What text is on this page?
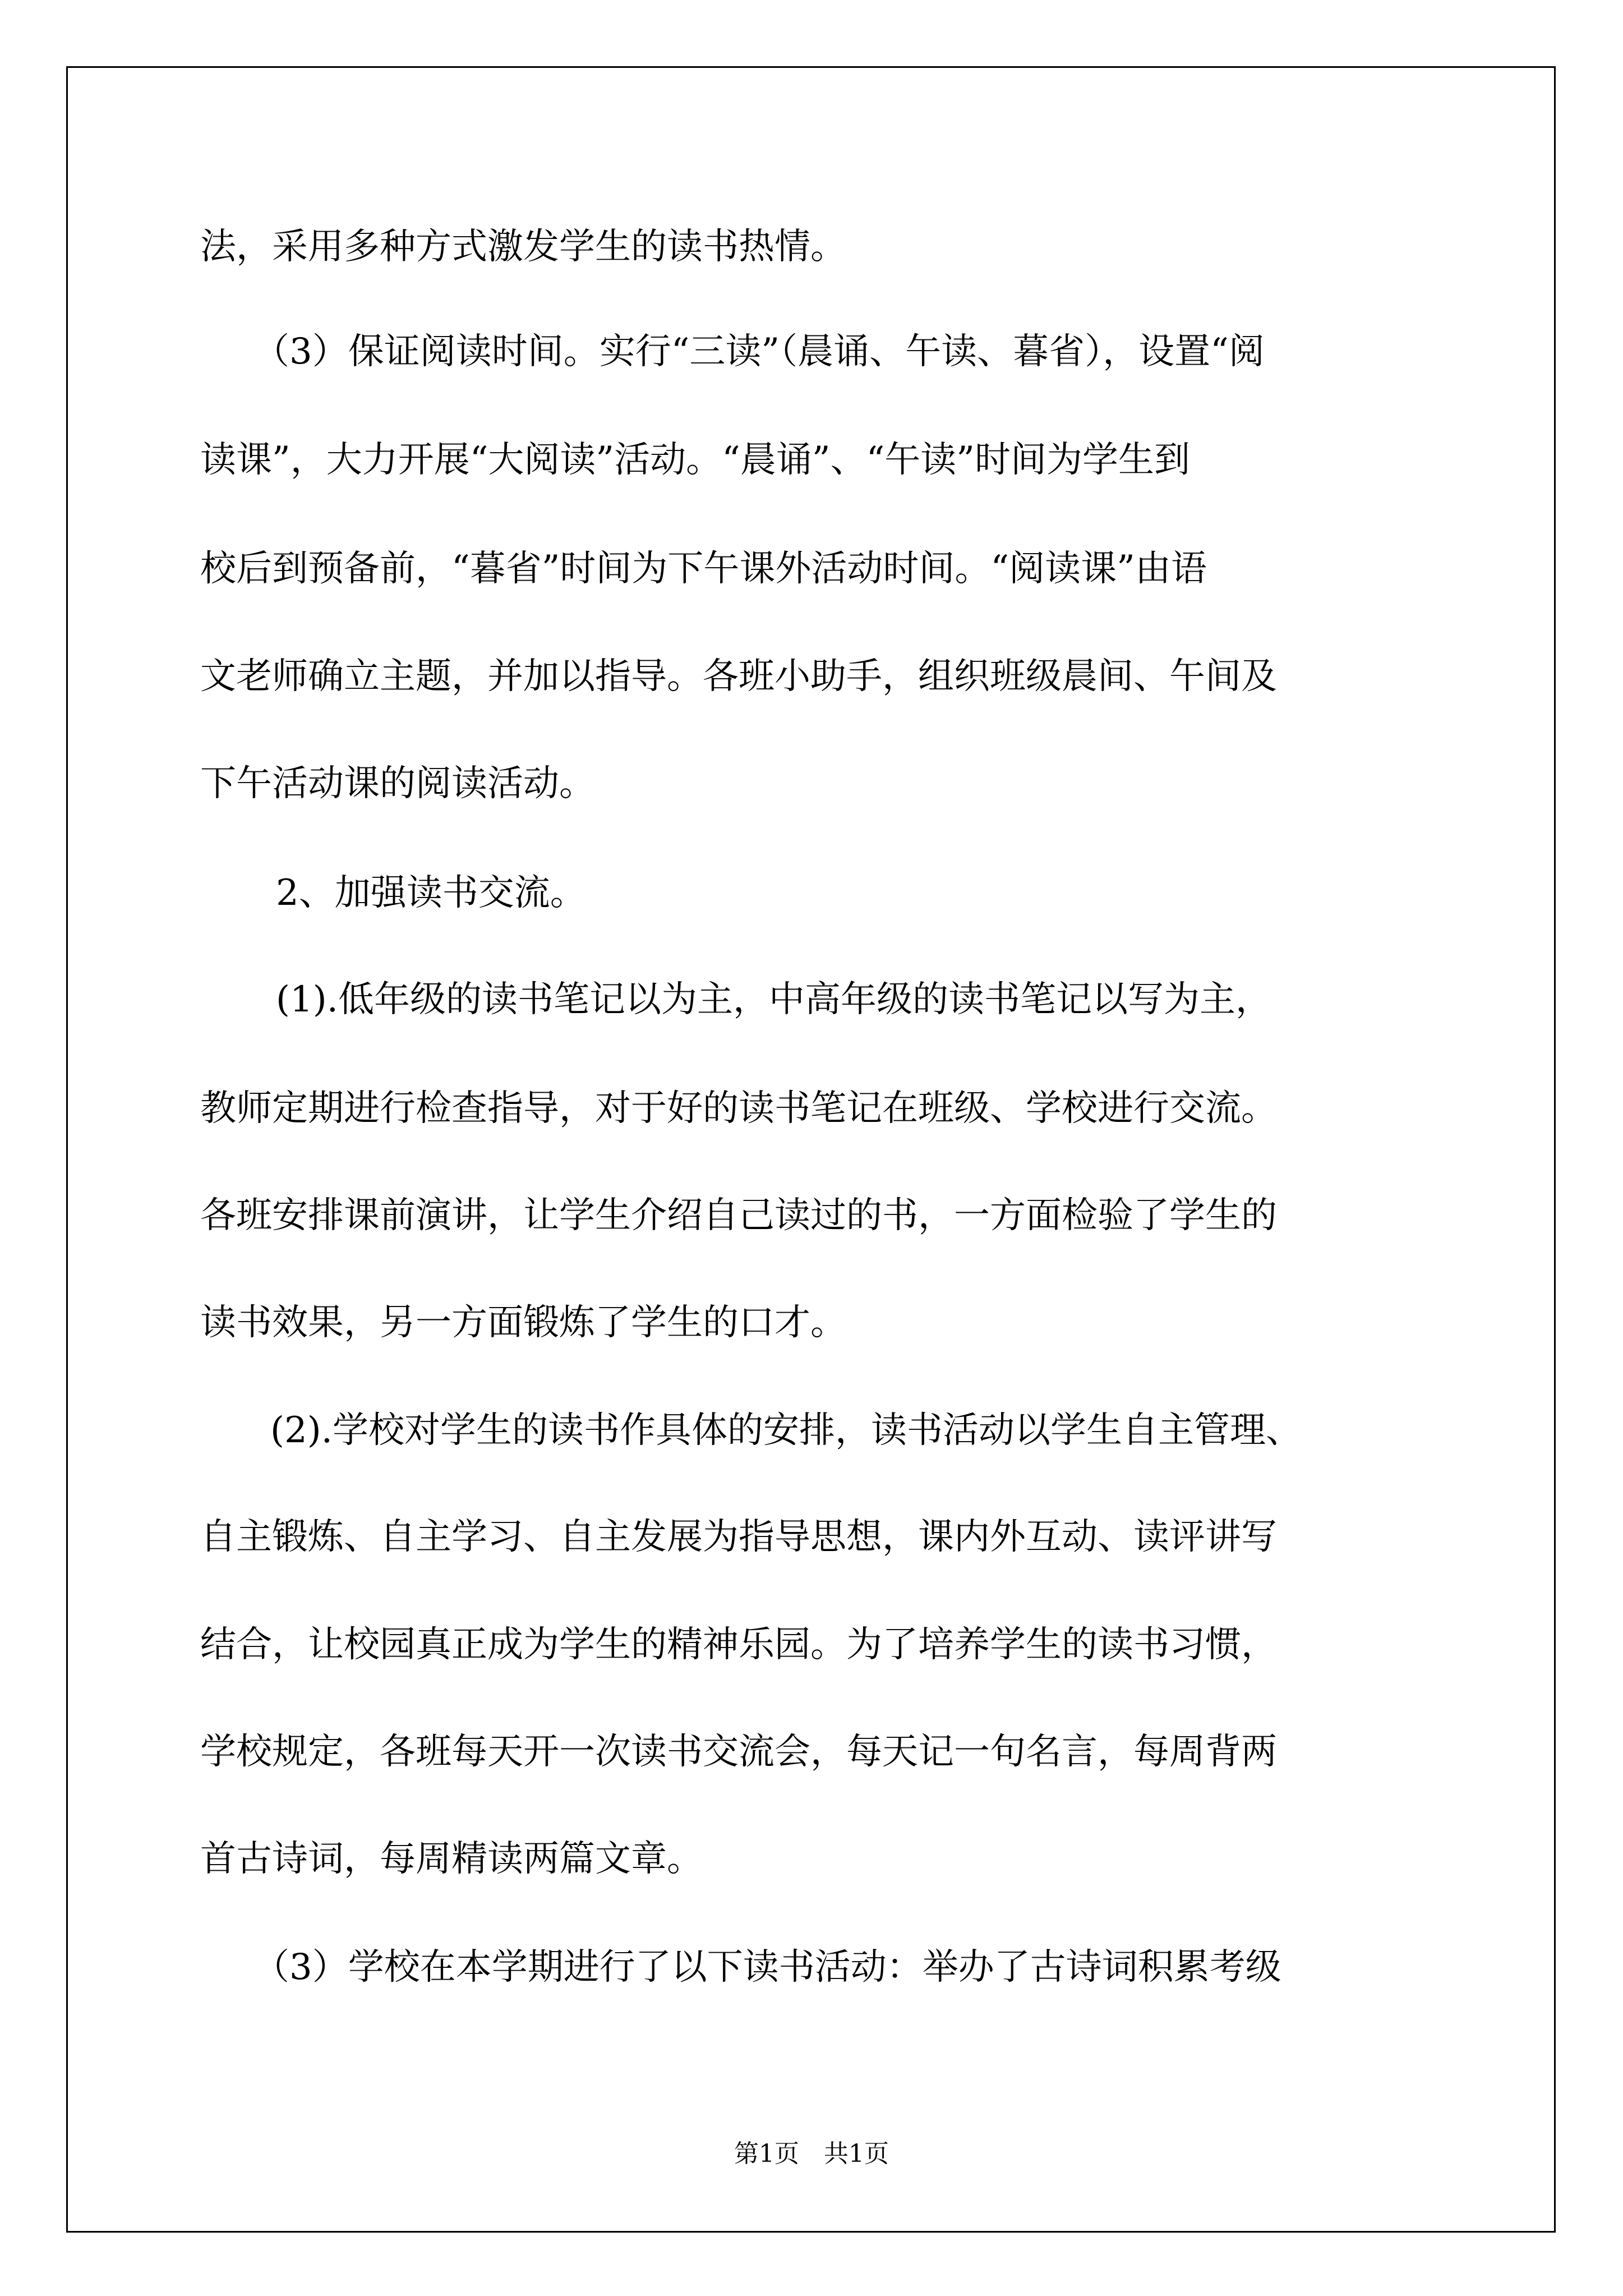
法，采用多种方式激发学生的读书热情。
（3）保证阅读时间。实行“三读”（晨诵、午读、暮省），设置“阅
读课”，大力开展“大阅读”活动。“晨诵”、“午读”时间为学生到
校后到预备前，“暮省”时间为下午课外活动时间。“阅读课”由语
文老师确立主题，并加以指导。各班小助手，组织班级晨间、午间及
下午活动课的阅读活动。
2、加强读书交流。
(1).低年级的读书笔记以为主，中高年级的读书笔记以写为主，
教师定期进行检查指导，对于好的读书笔记在班级、学校进行交流。
各班安排课前演讲，让学生介绍自己读过的书，一方面检验了学生的
读书效果，另一方面锻炼了学生的口才。
(2).学校对学生的读书作具体的安排，读书活动以学生自主管理、
自主锻炼、自主学习、自主发展为指导思想，课内外互动、读评讲写
结合，让校园真正成为学生的精神乐园。为了培养学生的读书习惯，
学校规定，各班每天开一次读书交流会，每天记一句名言，每周背两
首古诗词，每周精读两篇文章。
（3）学校在本学期进行了以下读书活动：举办了古诗词积累考级
第1页　共1页
